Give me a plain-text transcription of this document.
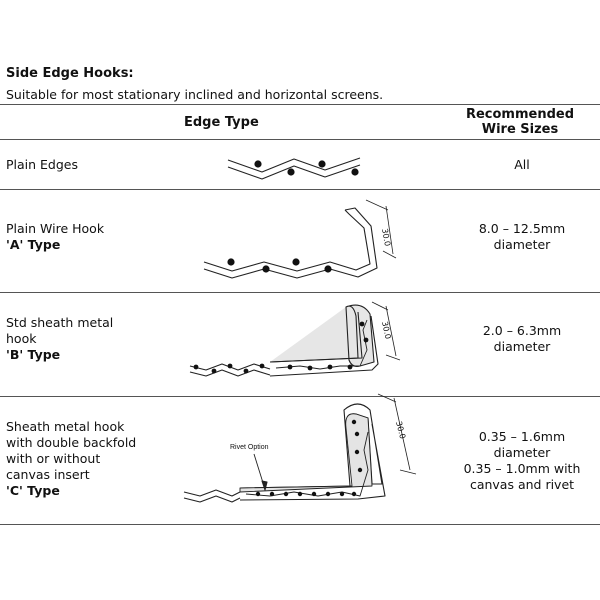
Side Edge Hooks:
Suitable for most stationary inclined and horizontal screens.
Edge Type
Recommended
Wire Sizes
Plain Edges	All
Plain Wire Hook
'A' Type
8.0 – 12.5mm
diameter
Std sheath metal
hook
'B' Type
2.0 – 6.3mm
diameter
Sheath metal hook
with double backfold
with or without
canvas insert
'C' Type
0.35 – 1.6mm
diameter
0.35 – 1.0mm with
canvas and rivet
30.0
30.0
30.0
Rivet Option
